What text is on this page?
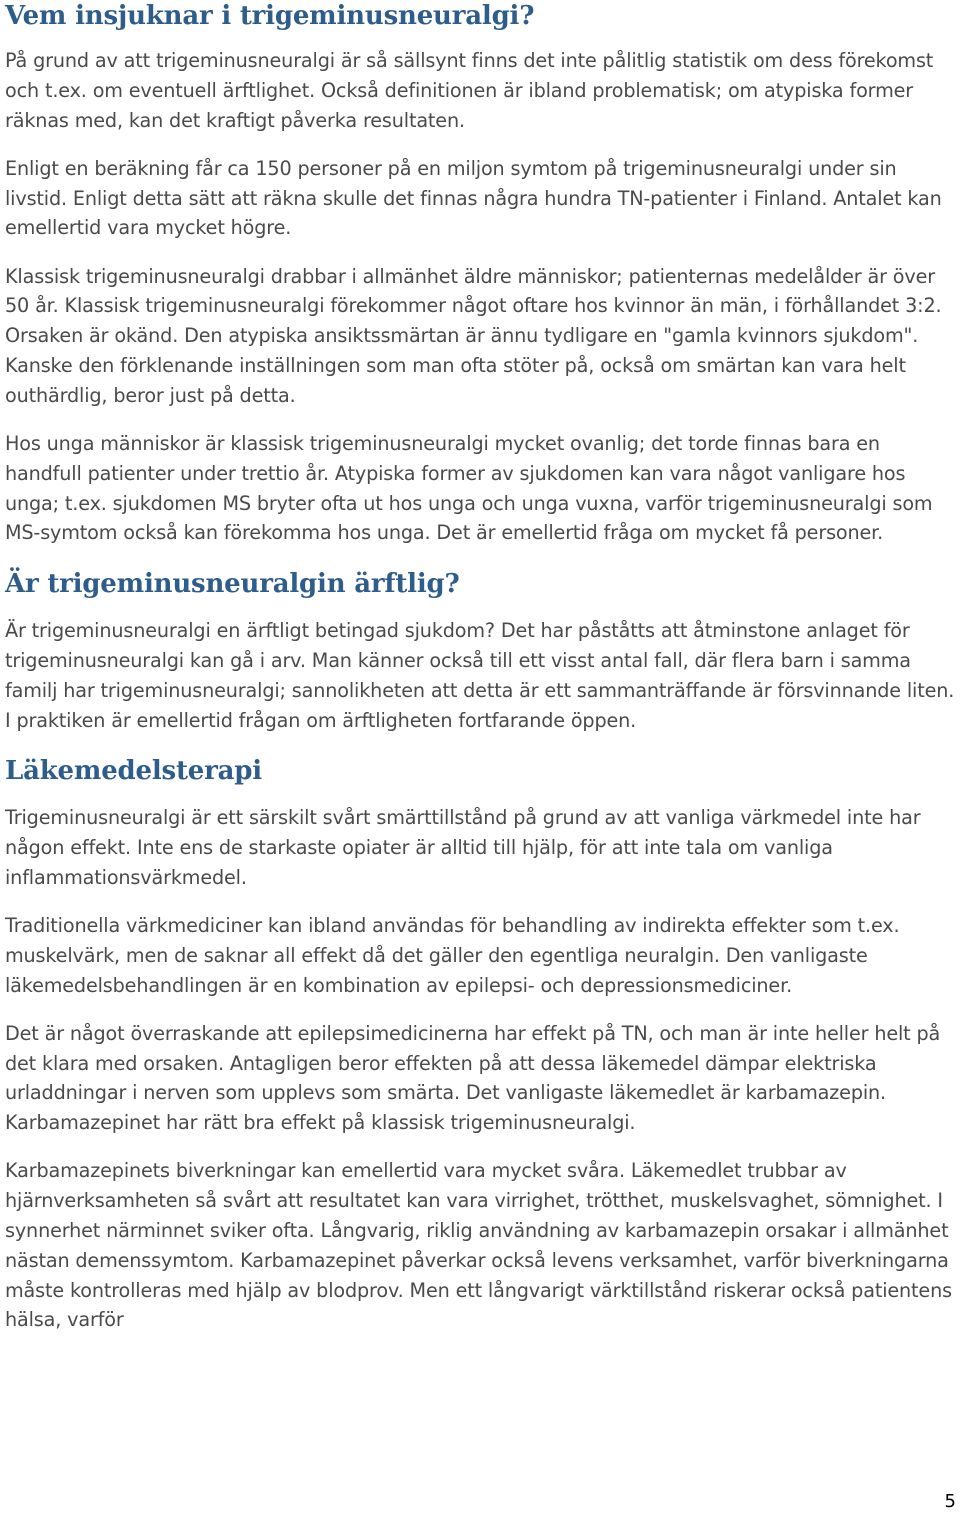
Vem insjuknar i trigeminusneuralgi?

På grund av att trigeminusneuralgi är så sällsynt finns det inte pålitlig statistik om dess förekomst och t.ex. om eventuell ärftlighet. Också definitionen är ibland problematisk; om atypiska former räknas med, kan det kraftigt påverka resultaten.

Enligt en beräkning får ca 150 personer på en miljon symtom på trigeminusneuralgi under sin livstid. Enligt detta sätt att räkna skulle det finnas några hundra TN-patienter i Finland. Antalet kan emellertid vara mycket högre.

Klassisk trigeminusneuralgi drabbar i allmänhet äldre människor; patienternas medelålder är över 50 år. Klassisk trigeminusneuralgi förekommer något oftare hos kvinnor än män, i förhållandet 3:2. Orsaken är okänd. Den atypiska ansiktssmärtan är ännu tydligare en "gamla kvinnors sjukdom". Kanske den förklenande inställningen som man ofta stöter på, också om smärtan kan vara helt outhärdlig, beror just på detta.

Hos unga människor är klassisk trigeminusneuralgi mycket ovanlig; det torde finnas bara en handfull patienter under trettio år. Atypiska former av sjukdomen kan vara något vanligare hos unga; t.ex. sjukdomen MS bryter ofta ut hos unga och unga vuxna, varför trigeminusneuralgi som MS-symtom också kan förekomma hos unga. Det är emellertid fråga om mycket få personer.

Är trigeminusneuralgin ärftlig?

Är trigeminusneuralgi en ärftligt betingad sjukdom? Det har påståtts att åtminstone anlaget för trigeminusneuralgi kan gå i arv. Man känner också till ett visst antal fall, där flera barn i samma familj har trigeminusneuralgi; sannolikheten att detta är ett sammanträffande är försvinnande liten. I praktiken är emellertid frågan om ärftligheten fortfarande öppen.

Läkemedelsterapi

Trigeminusneuralgi är ett särskilt svårt smärttillstånd på grund av att vanliga värkmedel inte har någon effekt. Inte ens de starkaste opiater är alltid till hjälp, för att inte tala om vanliga inflammationsvärkmedel.

Traditionella värkmediciner kan ibland användas för behandling av indirekta effekter som t.ex. muskelvärk, men de saknar all effekt då det gäller den egentliga neuralgin. Den vanligaste läkemedelsbehandlingen är en kombination av epilepsi- och depressionsmediciner.

Det är något överraskande att epilepsimedicinerna har effekt på TN, och man är inte heller helt på det klara med orsaken. Antagligen beror effekten på att dessa läkemedel dämpar elektriska urladdningar i nerven som upplevs som smärta. Det vanligaste läkemedlet är karbamazepin. Karbamazepinet har rätt bra effekt på klassisk trigeminusneuralgi.

Karbamazepinets biverkningar kan emellertid vara mycket svåra. Läkemedlet trubbar av hjärnverksamheten så svårt att resultatet kan vara virrighet, trötthet, muskelsvaghet, sömnighet. I synnerhet närminnet sviker ofta. Långvarig, riklig användning av karbamazepin orsakar i allmänhet nästan demenssymtom. Karbamazepinet påverkar också levens verksamhet, varför biverkningarna måste kontrolleras med hjälp av blodprov. Men ett långvarigt värktillstånd riskerar också patientens hälsa, varför

5
